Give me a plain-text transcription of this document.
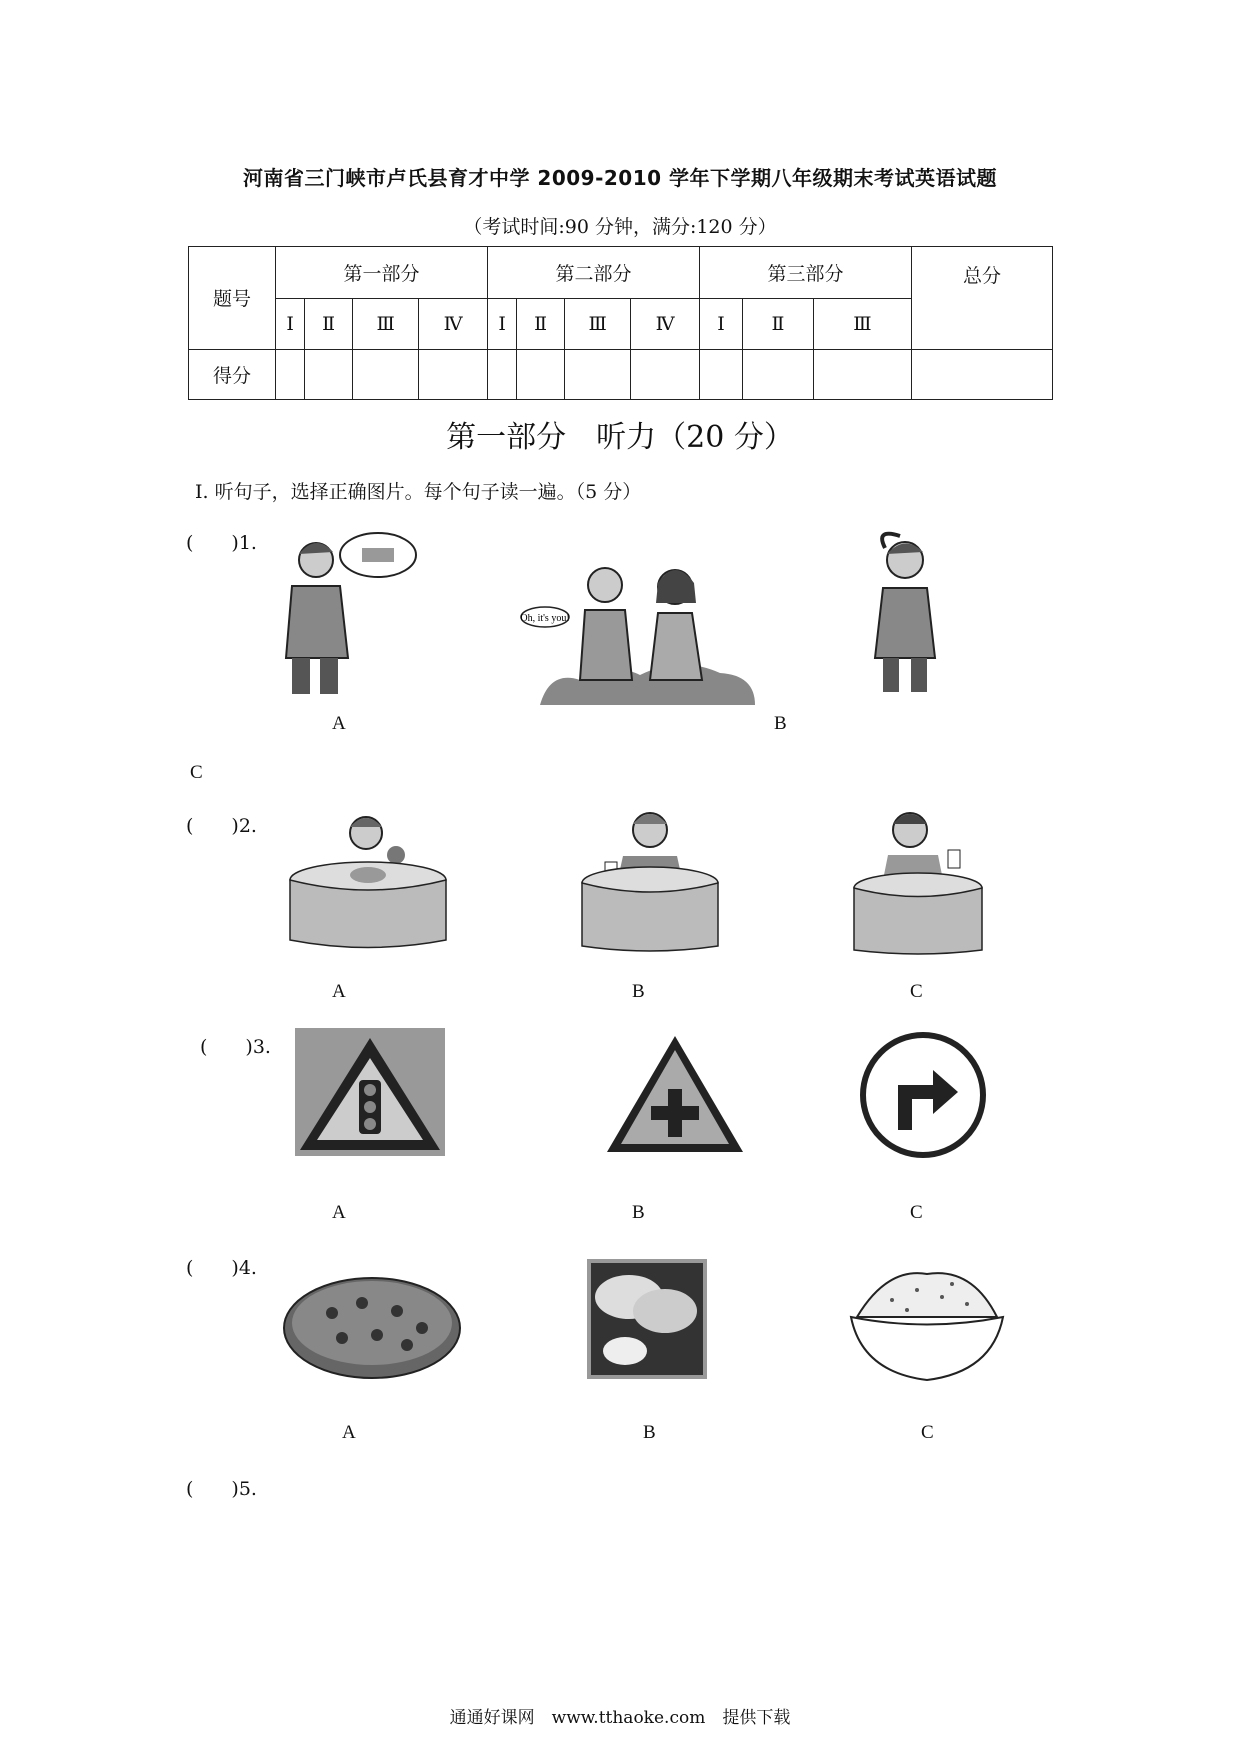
河南省三门峡市卢氏县育才中学 2009-2010 学年下学期八年级期末考试英语试题
（考试时间:90 分钟，满分:120 分）
题号	第一部分				第二部分				第三部分			总分
	Ⅰ	Ⅱ	Ⅲ	Ⅳ	Ⅰ	Ⅱ	Ⅲ	Ⅳ	Ⅰ	Ⅱ	Ⅲ	
得分												
第一部分　听力（20 分）
Ⅰ. 听句子，选择正确图片。每个句子读一遍。（5 分）
(　　)1.
Oh, it's you!
A	B
C
(　　)2.
A	B	C
(　　)3.
A	B	C
(　　)4.
A	B	C
(　　)5.
通通好课网　www.tthaoke.com　提供下载
